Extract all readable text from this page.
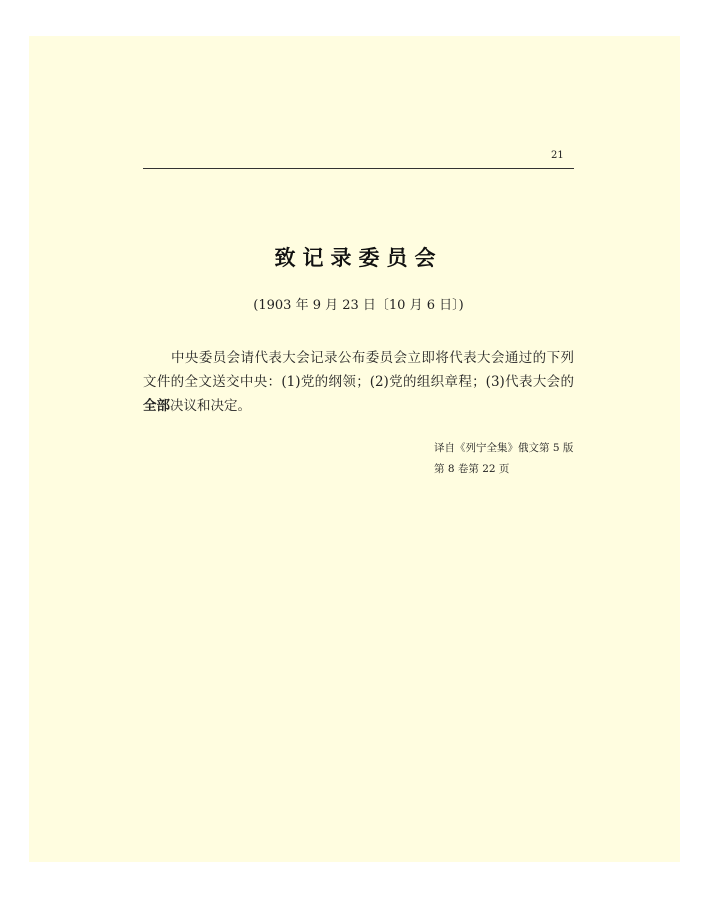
21
致记录委员会
(1903 年 9 月 23 日〔10 月 6 日〕)

中央委员会请代表大会记录公布委员会立即将代表大会通过的下列文件的全文送交中央：(1)党的纲领；(2)党的组织章程；(3)代表大会的全部决议和决定。

译自《列宁全集》俄文第 5 版
第 8 卷第 22 页
